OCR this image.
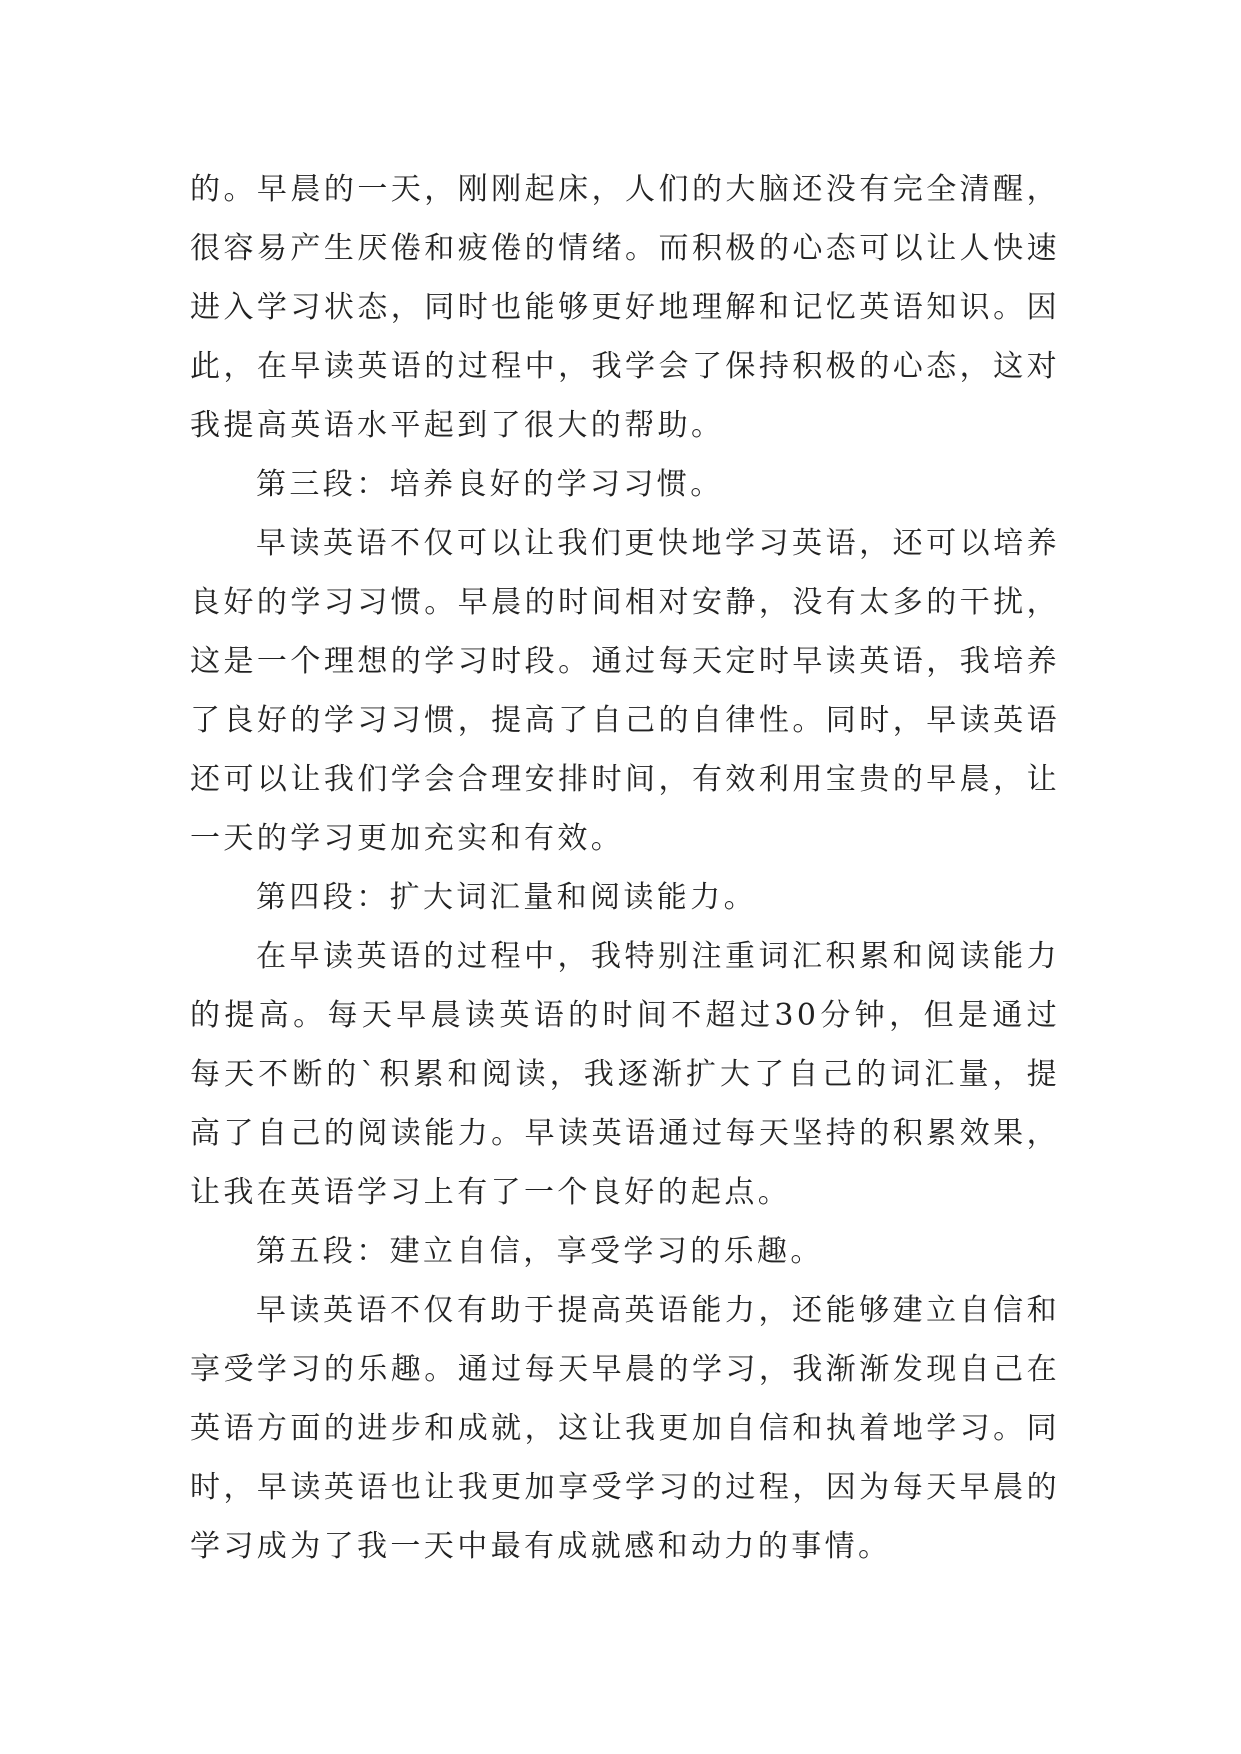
的。早晨的一天，刚刚起床，人们的大脑还没有完全清醒，很容易产生厌倦和疲倦的情绪。而积极的心态可以让人快速进入学习状态，同时也能够更好地理解和记忆英语知识。因此，在早读英语的过程中，我学会了保持积极的心态，这对我提高英语水平起到了很大的帮助。

第三段：培养良好的学习习惯。

早读英语不仅可以让我们更快地学习英语，还可以培养良好的学习习惯。早晨的时间相对安静，没有太多的干扰，这是一个理想的学习时段。通过每天定时早读英语，我培养了良好的学习习惯，提高了自己的自律性。同时，早读英语还可以让我们学会合理安排时间，有效利用宝贵的早晨，让一天的学习更加充实和有效。

第四段：扩大词汇量和阅读能力。

在早读英语的过程中，我特别注重词汇积累和阅读能力的提高。每天早晨读英语的时间不超过30分钟，但是通过每天不断的`积累和阅读，我逐渐扩大了自己的词汇量，提高了自己的阅读能力。早读英语通过每天坚持的积累效果，让我在英语学习上有了一个良好的起点。

第五段：建立自信，享受学习的乐趣。

早读英语不仅有助于提高英语能力，还能够建立自信和享受学习的乐趣。通过每天早晨的学习，我渐渐发现自己在英语方面的进步和成就，这让我更加自信和执着地学习。同时，早读英语也让我更加享受学习的过程，因为每天早晨的学习成为了我一天中最有成就感和动力的事情。
